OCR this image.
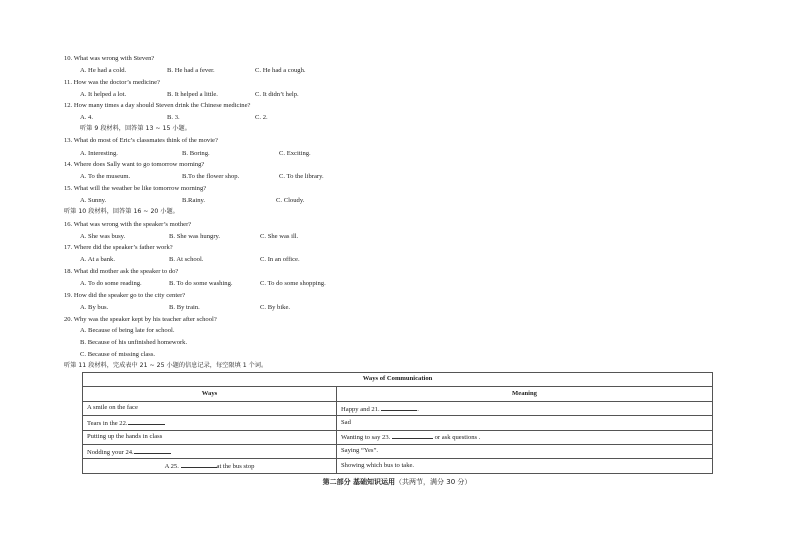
10. What was wrong with Steven?
A. He had a cold.	B. He had a fever.	C. He had a cough.
11. How was the doctor’s medicine?
A. It helped a lot.	B. It helped a little.	C. It didn’t help.
12. How many times a day should Steven drink the Chinese medicine?
A. 4.	B. 3.	C. 2.
听第 9 段材料，回答第 13 ~ 15 小题。
13. What do most of Eric’s classmates think of the movie?
A. Interesting.	B. Boring.	C. Exciting.
14. Where does Sally want to go tomorrow morning?
A. To the museum.	B.To the flower shop.	C. To the library.
15. What will the weather be like tomorrow morning?
A. Sunny.	B.Rainy.	C. Cloudy.
听第 10 段材料，回答第 16 ~ 20 小题。
16. What was wrong with the speaker’s mother?
A. She was busy.	B. She was hungry.	C. She was ill.
17. Where did the speaker’s father work?
A. At a bank.	B. At school.	C. In an office.
18. What did mother ask the speaker to do?
A. To do some reading.	B. To do some washing.	C. To do some shopping.
19. How did the speaker go to the city center?
A. By bus.	B. By train.	C. By bike.
20. Why was the speaker kept by his teacher after school?
A. Because of being late for school.
B. Because of his unfinished homework.
C. Because of missing class.
听第 11 段材料，完成表中 21 ~ 25 小题的信息记录，每空限填 1 个词。
Ways of Communication	
Ways	Meaning
A smile on the face	Happy and 21. .
Tears in the 22.	Sad
Putting up the hands in class	Wanting to say 23. or ask questions .
Nodding your 24.	Saying “Yes”.
A 25. at the bus stop	Showing which bus to take.
第二部分 基础知识运用（共两节，满分 30 分）
